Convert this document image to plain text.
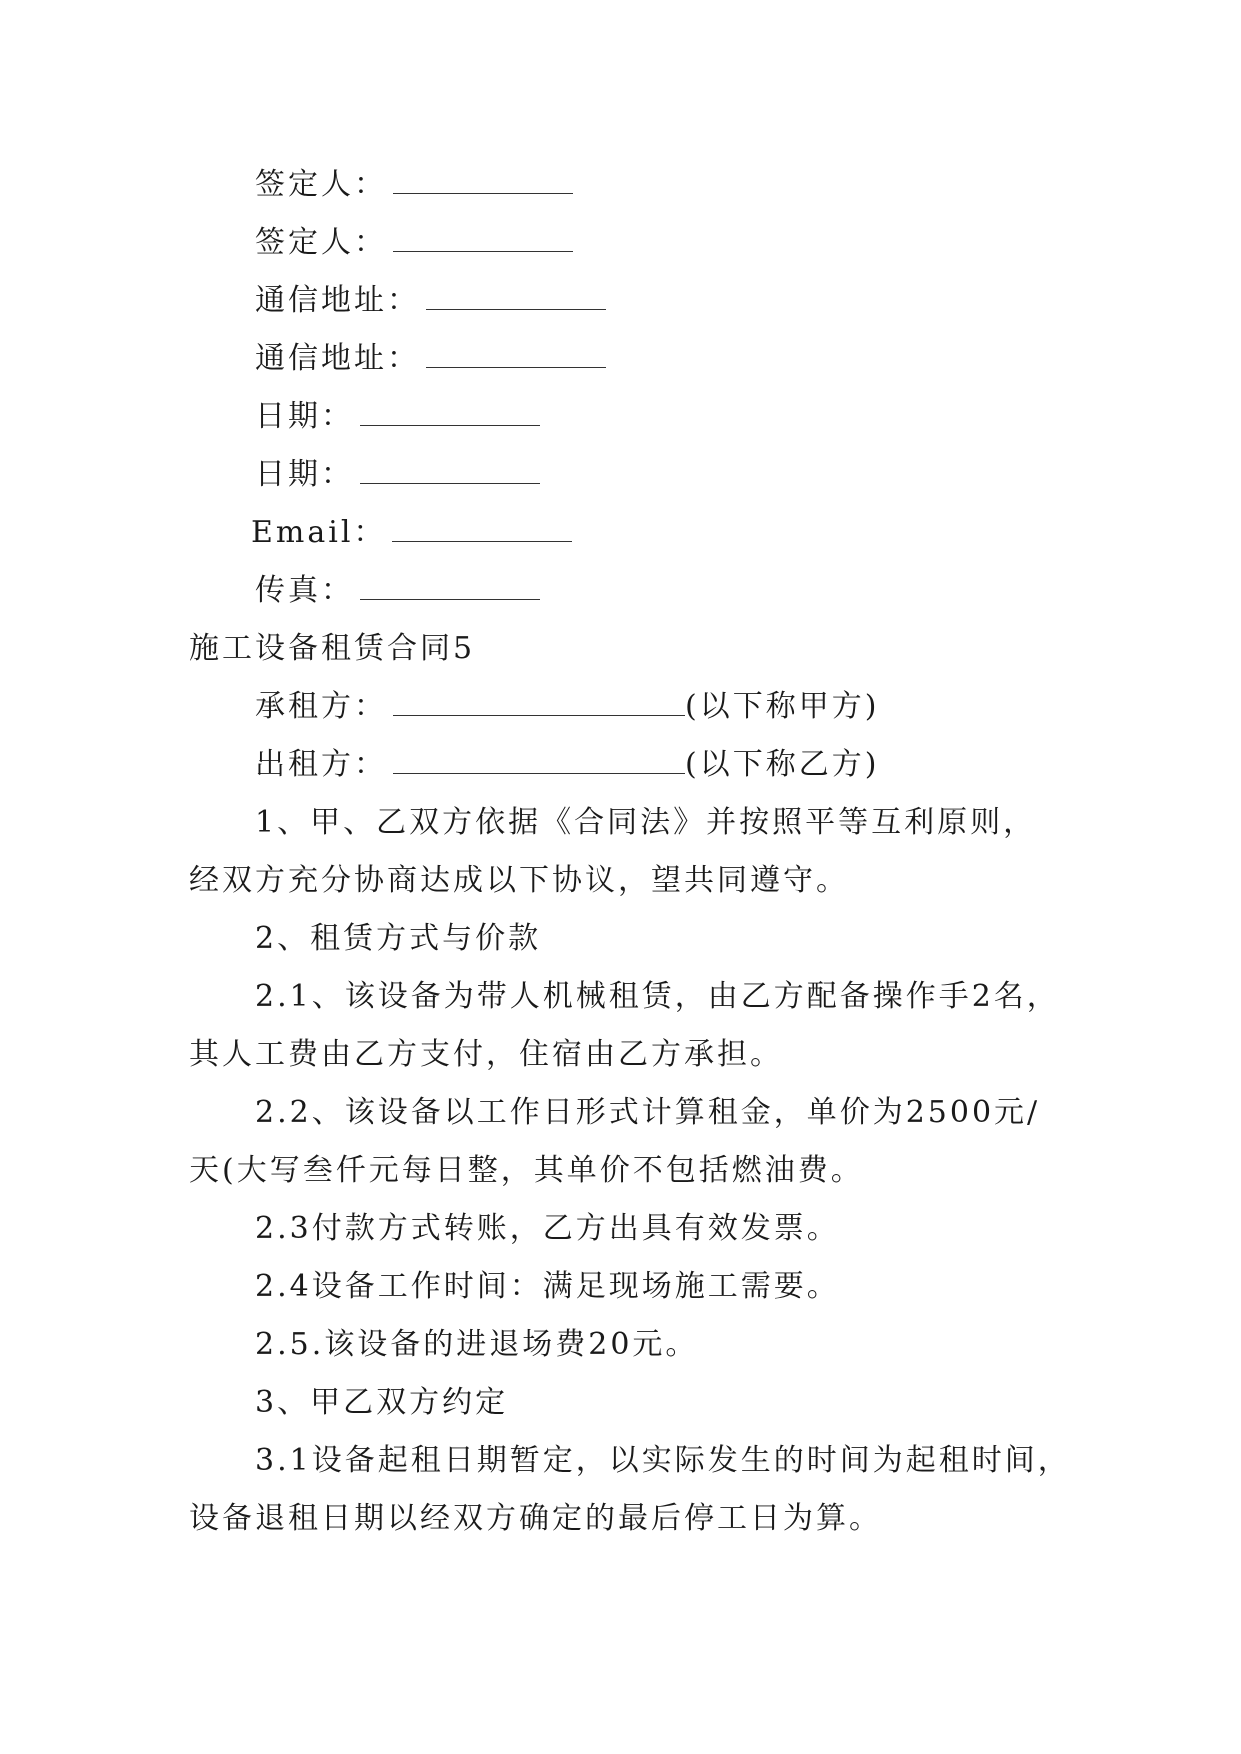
签定人：
签定人：
通信地址：
通信地址：
日期：
日期：
Email：
传真：
施工设备租赁合同5
承租方：	(以下称甲方)
出租方：	(以下称乙方)
1、甲、乙双方依据《合同法》并按照平等互利原则，
经双方充分协商达成以下协议，望共同遵守。
2、租赁方式与价款
2.1、该设备为带人机械租赁，由乙方配备操作手2名，
其人工费由乙方支付，住宿由乙方承担。
2.2、该设备以工作日形式计算租金，单价为2500元/
天(大写叁仟元每日整，其单价不包括燃油费。
2.3付款方式转账，乙方出具有效发票。
2.4设备工作时间：满足现场施工需要。
2.5.该设备的进退场费20元。
3、甲乙双方约定
3.1设备起租日期暂定，以实际发生的时间为起租时间，
设备退租日期以经双方确定的最后停工日为算。
